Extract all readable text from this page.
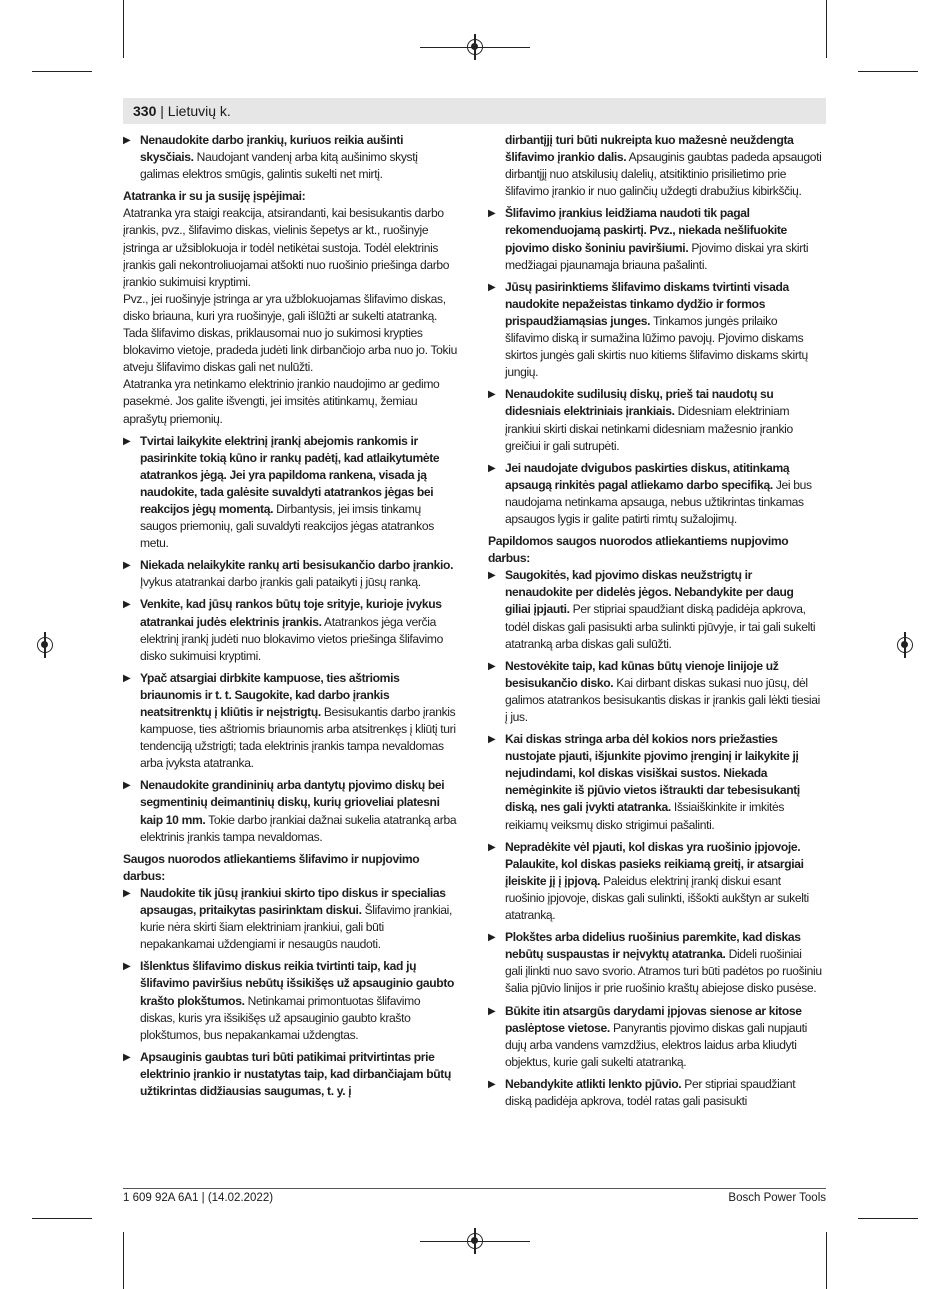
330 | Lietuvių k.
▶ Nenaudokite darbo įrankių, kuriuos reikia aušinti skysčiais. Naudojant vandenį arba kitą aušinimo skystį galimas elektros smūgis, galintis sukelti net mirtį.

Atatranka ir su ja susiję įspėjimai:

Atatranka yra staigi reakcija, atsirandanti, kai besisukantis darbo įrankis, pvz., šlifavimo diskas, vielinis šepetys ar kt., ruošinyje įstringa ar užsiblokuoja ir todėl netikėtai sustoja. Todėl elektrinis įrankis gali nekontroliuojamai atšokti nuo ruošinio priešinga darbo įrankio sukimuisi kryptimi.

Pvz., jei ruošinyje įstringa ar yra užblokuojamas šlifavimo diskas, disko briauna, kuri yra ruošinyje, gali išlūžti ar sukelti atatranką. Tada šlifavimo diskas, priklausomai nuo jo sukimosi krypties blokavimo vietoje, pradeda judėti link dirbančiojo arba nuo jo. Tokiu atveju šlifavimo diskas gali net nulūžti.

Atatranka yra netinkamo elektrinio įrankio naudojimo ar gedimo pasekmė. Jos galite išvengti, jei imsitės atitinkamų, žemiau aprašytų priemonių.

▶ Tvirtai laikykite elektrinį įrankį abejomis rankomis ir pasirinkite tokią kūno ir rankų padėtį, kad atlaikytumėte atatrankos jėgą. Jei yra papildoma rankena, visada ją naudokite, tada galėsite suvaldyti atatrankos jėgas bei reakcijos jėgų momentą. Dirbantysis, jei imsis tinkamų saugos priemonių, gali suvaldyti reakcijos jėgas atatrankos metu.
▶ Niekada nelaikykite rankų arti besisukančio darbo įrankio. Įvykus atatrankai darbo įrankis gali pataikyti į jūsų ranką.
▶ Venkite, kad jūsų rankos būtų toje srityje, kurioje įvykus atatrankai judės elektrinis įrankis. Atatrankos jėga verčia elektrinį įrankį judėti nuo blokavimo vietos priešinga šlifavimo disko sukimuisi kryptimi.
▶ Ypač atsargiai dirbkite kampuose, ties aštriomis briaunomis ir t. t. Saugokite, kad darbo įrankis neatsitrenktų į kliūtis ir neįstrigtų. Besisukantis darbo įrankis kampuose, ties aštriomis briaunomis arba atsitrenkęs į kliūtį turi tendenciją užstrigti; tada elektrinis įrankis tampa nevaldomas arba įvyksta atatranka.
▶ Nenaudokite grandininių arba dantytų pjovimo diskų bei segmentinių deimantinių diskų, kurių grioveliai platesni kaip 10 mm. Tokie darbo įrankiai dažnai sukelia atatranką arba elektrinis įrankis tampa nevaldomas.

Saugos nuorodos atliekantiems šlifavimo ir nupjovimo darbus:

▶ Naudokite tik jūsų įrankiui skirto tipo diskus ir specialias apsaugas, pritaikytas pasirinktam diskui. Šlifavimo įrankiai, kurie nėra skirti šiam elektriniam įrankiui, gali būti nepakankamai uždengiami ir nesaugūs naudoti.
▶ Išlenktus šlifavimo diskus reikia tvirtinti taip, kad jų šlifavimo paviršius nebūtų išsikišęs už apsauginio gaubto krašto plokštumos. Netinkamai primontuotas šlifavimo diskas, kuris yra išsikišęs už apsauginio gaubto krašto plokštumos, bus nepakankamai uždengtas.
▶ Apsauginis gaubtas turi būti patikimai pritvirtintas prie elektrinio įrankio ir nustatytas taip, kad dirbančiajam būtų užtikrintas didžiausias saugumas, t. y. į
dirbantįjį turi būti nukreipta kuo mažesnė neuždengta šlifavimo įrankio dalis. Apsauginis gaubtas padeda apsaugoti dirbantįjį nuo atskilusių dalelių, atsitiktinio prisilietimo prie šlifavimo įrankio ir nuo galinčių uždegti drabužius kibirkščių.
▶ Šlifavimo įrankius leidžiama naudoti tik pagal rekomenduojamą paskirtį. Pvz., niekada nešlifuokite pjovimo disko šoniniu paviršiumi. Pjovimo diskai yra skirti medžiagai pjaunamąja briauna pašalinti.
▶ Jūsų pasirinktiems šlifavimo diskams tvirtinti visada naudokite nepažeistas tinkamo dydžio ir formos prispaudžiamąsias junges. Tinkamos jungės prilaiko šlifavimo diską ir sumažina lūžimo pavojų. Pjovimo diskams skirtos jungės gali skirtis nuo kitiems šlifavimo diskams skirtų jungių.
▶ Nenaudokite sudilusių diskų, prieš tai naudotų su didesniais elektriniais įrankiais. Didesniam elektriniam įrankiui skirti diskai netinkami didesniam mažesnio įrankio greičiui ir gali sutrupėti.
▶ Jei naudojate dvigubos paskirties diskus, atitinkamą apsaugą rinkitės pagal atliekamo darbo specifiką. Jei bus naudojama netinkama apsauga, nebus užtikrintas tinkamas apsaugos lygis ir galite patirti rimtų sužalojimų.

Papildomos saugos nuorodos atliekantiems nupjovimo darbus:

▶ Saugokitės, kad pjovimo diskas neužstrigtų ir nenaudokite per didelės jėgos. Nebandykite per daug giliai įpjauti. Per stipriai spaudžiant diską padidėja apkrova, todėl diskas gali pasisukti arba sulinkti pjūvyje, ir tai gali sukelti atatranką arba diskas gali sulūžti.
▶ Nestovėkite taip, kad kūnas būtų vienoje linijoje už besisukančio disko. Kai dirbant diskas sukasi nuo jūsų, dėl galimos atatrankos besisukantis diskas ir įrankis gali lėkti tiesiai į jus.
▶ Kai diskas stringa arba dėl kokios nors priežasties nustojate pjauti, išjunkite pjovimo įrenginį ir laikykite jį nejudindami, kol diskas visiškai sustos. Niekada nemėginkite iš pjūvio vietos ištraukti dar tebesisukantį diską, nes gali įvykti atatranka. Išsiaiškinkite ir imkitės reikiamų veiksmų disko strigimui pašalinti.
▶ Nepradėkite vėl pjauti, kol diskas yra ruošinio įpjovoje. Palaukite, kol diskas pasieks reikiamą greitį, ir atsargiai įleiskite jį į įpjovą. Paleidus elektrinį įrankį diskui esant ruošinio įpjovoje, diskas gali sulinkti, iššokti aukštyn ar sukelti atatranką.
▶ Plokštes arba didelius ruošinius paremkite, kad diskas nebūtų suspaustas ir neįvyktų atatranka. Dideli ruošiniai gali įlinkti nuo savo svorio. Atramos turi būti padėtos po ruošiniu šalia pjūvio linijos ir prie ruošinio kraštų abiejose disko pusėse.
▶ Būkite itin atsargūs darydami įpjovas sienose ar kitose paslėptose vietose. Panyrantis pjovimo diskas gali nupjauti dujų arba vandens vamzdžius, elektros laidus arba kliudyti objektus, kurie gali sukelti atatranką.
▶ Nebandykite atlikti lenkto pjūvio. Per stipriai spaudžiant diską padidėja apkrova, todėl ratas gali pasisukti
1 609 92A 6A1 | (14.02.2022)	Bosch Power Tools
